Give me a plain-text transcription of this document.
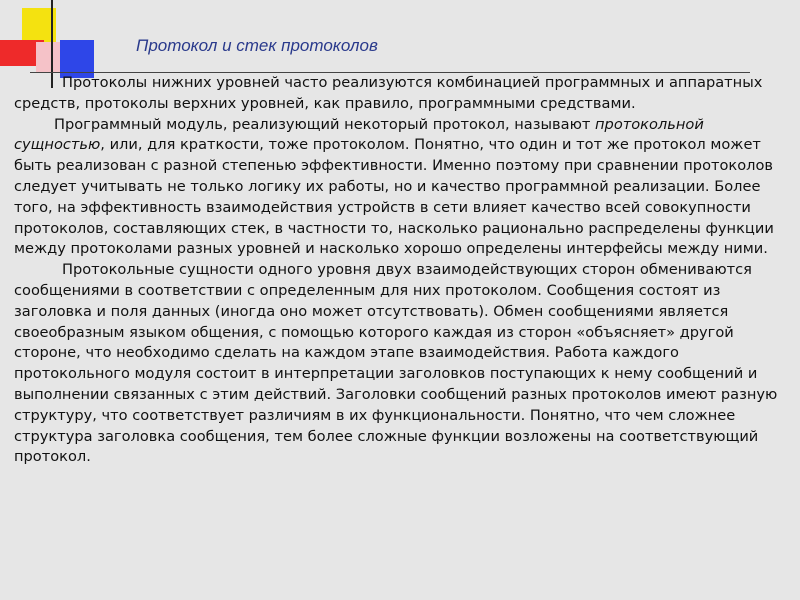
Протокол и стек протоколов

Протоколы нижних уровней часто реализуются комбинацией программных и аппаратных средств, протоколы верхних уровней, как правило, программными средствами.

Программный модуль, реализующий некоторый протокол, называют протокольной сущностью, или, для краткости, тоже протоколом. Понятно, что один и тот же протокол может быть реализован с разной степенью эффективности. Именно поэтому при сравнении протоколов следует учитывать не только логику их работы, но и качество программной реализации. Более того, на эффективность взаимодействия устройств в сети влияет качество всей совокупности протоколов, составляющих стек, в частности то, насколько рационально распределены функции между протоколами разных уровней и насколько хорошо определены интерфейсы между ними.

Протокольные сущности одного уровня двух взаимодействующих сторон обмениваются сообщениями в соответствии с определенным для них протоколом. Сообщения состоят из заголовка и поля данных (иногда оно может отсутствовать). Обмен сообщениями является своеобразным языком общения, с помощью которого каждая из сторон «объясняет» другой стороне, что необходимо сделать на каждом этапе взаимодействия. Работа каждого протокольного модуля состоит в интерпретации заголовков поступающих к нему сообщений и выполнении связанных с этим действий. Заголовки сообщений разных протоколов имеют разную структуру, что соответствует различиям в их функциональности. Понятно, что чем сложнее структура заголовка сообщения, тем более сложные функции возложены на соответствующий протокол.
